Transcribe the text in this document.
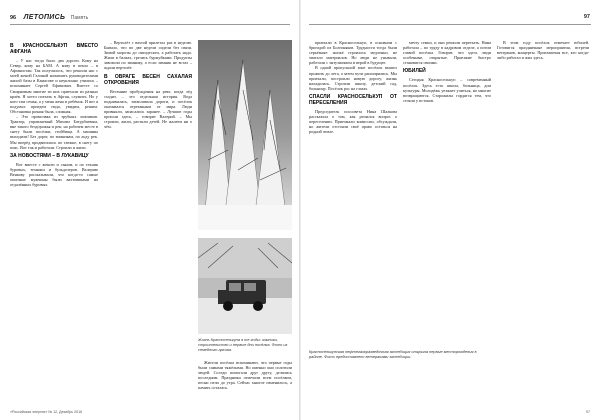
96 ЛЕТОПИСЬ Память
В КРАСНОСЕЛЬКУП ВМЕСТО АФГАНА

– У нас тогда было два дороги. Кому на Север, кому на БАМ. А кому в пекло – в Афганистан. Так получилось, что решили нас с моей женой Галиной назначить руководителями жилой базы в Камасове и неуклонно учились – вспоминает Сергей Ефимович. Вместе со Смирновым многие из них приехали из разных краёв. Я хотел поехать в Афган, служить. Но у кого там семья, а у меня жена и ребёнок. И вот я подумал: приедем сюда, увидим, решим. Обстановка разная была, сложная.

– Это промолвка из трубных ложчиков. Трактор, управляемый Михаил Батурбаевым, вне такого бездорожья и рек; на рабочем месте в снегу были посёлки, стойбища. А машины выходили! Без дорог, по зимникам, по льду рек. Мы вперёд продвигались по таежке, в снегу по пояс. Вот так и работали. Строили и жили.

ЗА НОВОСТЯМИ – В ЛУКАВИЦУ

Вот вместе с женою и сыном, и по техник буровых, техники и бульдозеров. Валерию Венкову рассказывали, что когда-то самые опытные мужчины были вахтовиками на отдалённых буровых.

– Вертолёт с вахтой прилетал раз в неделю. Бывало, что по две недели сидели без связи. Зимой морозы до пятидесяти, а работать надо. Жили в балках, грелись буржуйками. Продукты завозили по зимнику, а если зимник не встал – ждали вертолёт.

В ОВРАГЕ ВЕСЕН САХАЛАЯ ОТКРОВЕНИЯ

Весенние пробуждения на реке, когда лёд сходит, – это отдельная история. Вода поднималась, затапливала дороги, и посёлок оказывался отрезанным от мира. Люди привыкли, запасались заранее. – Лучшие годы прошли здесь, – говорит Валерий. – Мы строили, жили, растили детей. Не жалеем ни о чём.

Жизнь Красноселькупа в те годы: зимники, строительство и первые дни посёлка. Фото из семейного архива.

Жители посёлка вспоминают, что первые годы были самыми тяжёлыми. Но именно они сплотили людей. Соседи помогали друг другу, делились последним. Праздники отмечали всем посёлком, песни пели до утра. Сейчас многое изменилось, а память осталась.

«Российская энергия» № 12, Декабрь 2016
97

приехали в Красноселькуп, в основном с бригадой из Болгоняков. Трудности тогда были серьёзные: жильё строилось медленно, не хватало материалов. Но люди не унывали, работали с энтузиазмом и верой в будущее.

В одной пропускной зоне посёлок вышел прожить до лета, а затем пути расширились. Мы приехали, построили новую дорогу, жизнь наладилась. Строили школу, детский сад, больницу. Посёлок рос на глазах.

СПАСЛИ КРАСНОСЕЛЬКУП ОТ ПЕРЕСЕЛЕНИЯ

Председатель поссовета Нина Шалкова рассказала о том, как решался вопрос о переселении. Приезжали комиссии, обсуждали, но жители отстояли своё право остаться на родной земле.

мечту семьи, и они решили переехать. Нина работала – по труду в кадровом отделе, а потом главой посёлка. Говорит, что здесь люди особенные, открытые. Приезжие быстро становятся своими.

ЮБИЛЕЙ

Сегодня Красноселькуп – современный посёлок. Здесь есть школа, больница, дом культуры. Молодёжь уезжает учиться, но многие возвращаются. Старожилы гордятся тем, что стояли у истоков.

В этом году посёлок отмечает юбилей. Готовятся праздничные мероприятия, встречи ветеранов, концерты. Приглашены все, кто когда-либо работал и жил здесь.

Красноселькупская нефтегазоразведочная экспедиция открыла первые месторождения в районе. Фото предоставлено ветеранами экспедиции.
97
